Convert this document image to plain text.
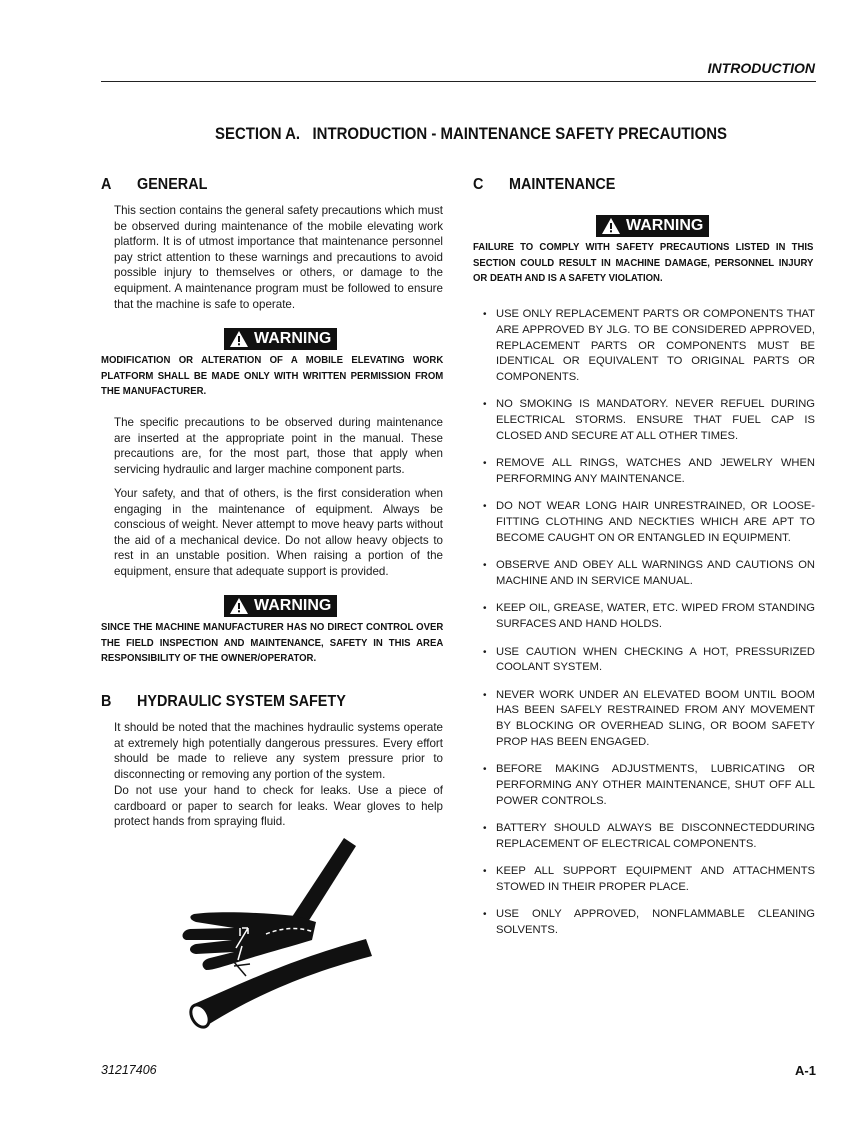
INTRODUCTION
SECTION A.   INTRODUCTION - MAINTENANCE SAFETY PRECAUTIONS
A GENERAL
This section contains the general safety precautions which must be observed during maintenance of the mobile elevating work platform. It is of utmost importance that maintenance personnel pay strict attention to these warnings and precautions to avoid possible injury to themselves or others, or damage to the equipment. A maintenance program must be followed to ensure that the machine is safe to operate.
WARNING
MODIFICATION OR ALTERATION OF A MOBILE ELEVATING WORK PLATFORM SHALL BE MADE ONLY WITH WRITTEN PERMISSION FROM THE MANUFACTURER.
The specific precautions to be observed during maintenance are inserted at the appropriate point in the manual. These precautions are, for the most part, those that apply when servicing hydraulic and larger machine component parts.
Your safety, and that of others, is the first consideration when engaging in the maintenance of equipment. Always be conscious of weight. Never attempt to move heavy parts without the aid of a mechanical device. Do not allow heavy objects to rest in an unstable position. When raising a portion of the equipment, ensure that adequate support is provided.
WARNING
SINCE THE MACHINE MANUFACTURER HAS NO DIRECT CONTROL OVER THE FIELD INSPECTION AND MAINTENANCE, SAFETY IN THIS AREA RESPONSIBILITY OF THE OWNER/OPERATOR.
B HYDRAULIC SYSTEM SAFETY
It should be noted that the machines hydraulic systems operate at extremely high potentially dangerous pressures. Every effort should be made to relieve any system pressure prior to disconnecting or removing any portion of the system.
Do not use your hand to check for leaks. Use a piece of cardboard or paper to search for leaks. Wear gloves to help protect hands from spraying fluid.
C MAINTENANCE
WARNING
FAILURE TO COMPLY WITH SAFETY PRECAUTIONS LISTED IN THIS SECTION COULD RESULT IN MACHINE DAMAGE, PERSONNEL INJURY OR DEATH AND IS A SAFETY VIOLATION.
• USE ONLY REPLACEMENT PARTS OR COMPONENTS THAT ARE APPROVED BY JLG. TO BE CONSIDERED APPROVED, REPLACEMENT PARTS OR COMPONENTS MUST BE IDENTICAL OR EQUIVALENT TO ORIGINAL PARTS OR COMPONENTS.
• NO SMOKING IS MANDATORY. NEVER REFUEL DURING ELECTRICAL STORMS. ENSURE THAT FUEL CAP IS CLOSED AND SECURE AT ALL OTHER TIMES.
• REMOVE ALL RINGS, WATCHES AND JEWELRY WHEN PERFORMING ANY MAINTENANCE.
• DO NOT WEAR LONG HAIR UNRESTRAINED, OR LOOSE-FITTING CLOTHING AND NECKTIES WHICH ARE APT TO BECOME CAUGHT ON OR ENTANGLED IN EQUIPMENT.
• OBSERVE AND OBEY ALL WARNINGS AND CAUTIONS ON MACHINE AND IN SERVICE MANUAL.
• KEEP OIL, GREASE, WATER, ETC. WIPED FROM STANDING SURFACES AND HAND HOLDS.
• USE CAUTION WHEN CHECKING A HOT, PRESSURIZED COOLANT SYSTEM.
• NEVER WORK UNDER AN ELEVATED BOOM UNTIL BOOM HAS BEEN SAFELY RESTRAINED FROM ANY MOVEMENT BY BLOCKING OR OVERHEAD SLING, OR BOOM SAFETY PROP HAS BEEN ENGAGED.
• BEFORE MAKING ADJUSTMENTS, LUBRICATING OR PERFORMING ANY OTHER MAINTENANCE, SHUT OFF ALL POWER CONTROLS.
• BATTERY SHOULD ALWAYS BE DISCONNECTEDDURING REPLACEMENT OF ELECTRICAL COMPONENTS.
• KEEP ALL SUPPORT EQUIPMENT AND ATTACHMENTS STOWED IN THEIR PROPER PLACE.
• USE ONLY APPROVED, NONFLAMMABLE CLEANING SOLVENTS.
31217406	A-1
